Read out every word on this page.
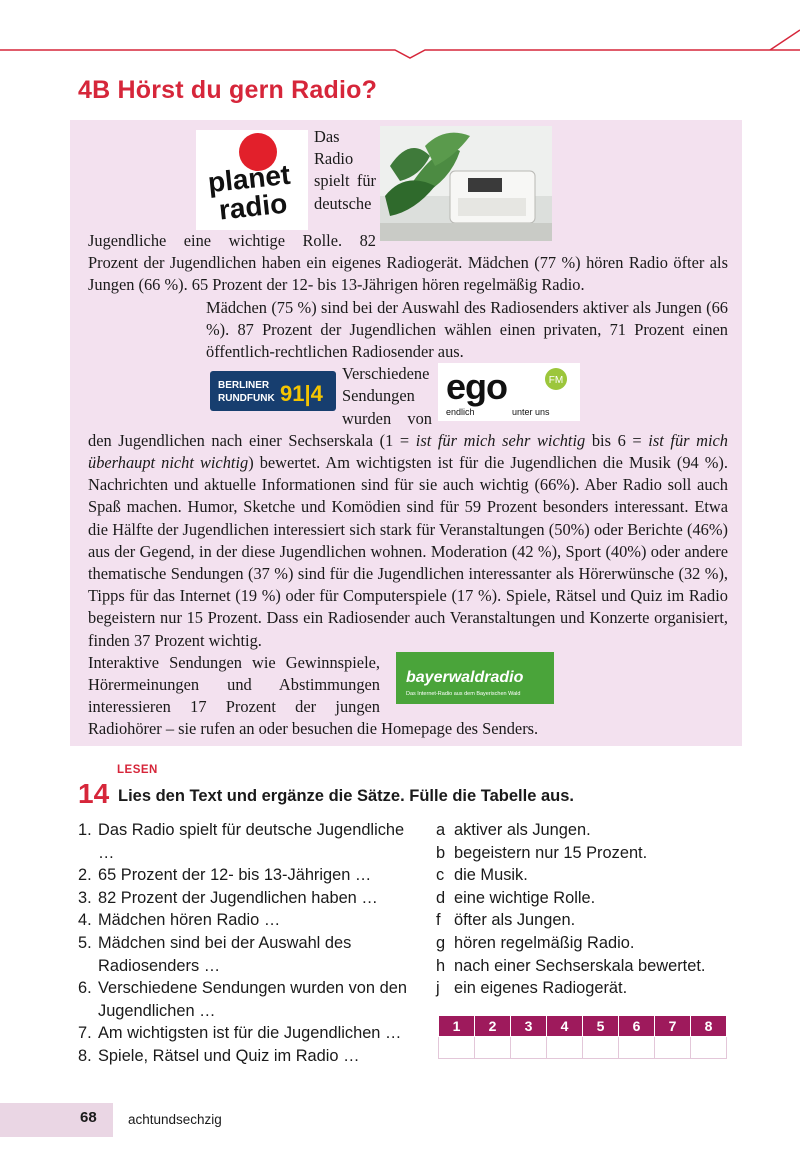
4B Hörst du gern Radio?
planet
radio

Das Radio spielt für deutsche Jugendliche eine wichtige Rolle. 82 Prozent der Jugendlichen haben ein eigenes Radiogerät. Mädchen (77 %) hören Radio öfter als Jungen (66 %). 65 Prozent der 12- bis 13-Jährigen hören regelmäßig Radio.

Mädchen (75 %) sind bei der Auswahl des Radiosenders aktiver als Jungen (66 %). 87 Prozent der Jugendlichen wählen einen privaten, 71 Prozent einen öffentlich-rechtlichen Radiosender aus.

ego	FM
endlich	unter uns
BERLINER
RUNDFUNK 91|4

Verschiedene Sendungen wurden von den Jugendlichen nach einer Sechserskala (1 = ist für mich sehr wichtig bis 6 = ist für mich überhaupt nicht wichtig) bewertet. Am wichtigsten ist für die Jugendlichen die Musik (94 %). Nachrichten und aktuelle Informationen sind für sie auch wichtig (66%). Aber Radio soll auch Spaß machen. Humor, Sketche und Komödien sind für 59 Prozent besonders interessant. Etwa die Hälfte der Jugendlichen interessiert sich stark für Veranstaltungen (50%) oder Berichte (46%) aus der Gegend, in der diese Jugendlichen wohnen. Moderation (42 %), Sport (40%) oder andere thematische Sendungen (37 %) sind für die Jugendlichen interessanter als Hörerwünsche (32 %), Tipps für das Internet (19 %) oder für Computerspiele (17 %). Spiele, Rätsel und Quiz im Radio begeistern nur 15 Prozent. Dass ein Radiosender auch Veranstaltungen und Konzerte organisiert, finden 37 Prozent wichtig.

bayerwaldradio
Das Internet-Radio aus dem Bayerischen Wald

Interaktive Sendungen wie Gewinnspiele, Hörermeinungen und Abstimmungen interessieren 17 Prozent der jungen Radiohörer – sie rufen an oder besuchen die Homepage des Senders.

LESEN
14 Lies den Text und ergänze die Sätze. Fülle die Tabelle aus.
1. Das Radio spielt für deutsche Jugendliche …
2. 65 Prozent der 12- bis 13-Jährigen …
3. 82 Prozent der Jugendlichen haben …
4. Mädchen hören Radio …
5. Mädchen sind bei der Auswahl des Radiosenders …
6. Verschiedene Sendungen wurden von den Jugendlichen …
7. Am wichtigsten ist für die Jugendlichen …
8. Spiele, Rätsel und Quiz im Radio …
a aktiver als Jungen.
b begeistern nur 15 Prozent.
c die Musik.
d eine wichtige Rolle.
f öfter als Jungen.
g hören regelmäßig Radio.
h nach einer Sechserskala bewertet.
j ein eigenes Radiogerät.
1	2	3	4	5	6	7	8

68 achtundsechzig
